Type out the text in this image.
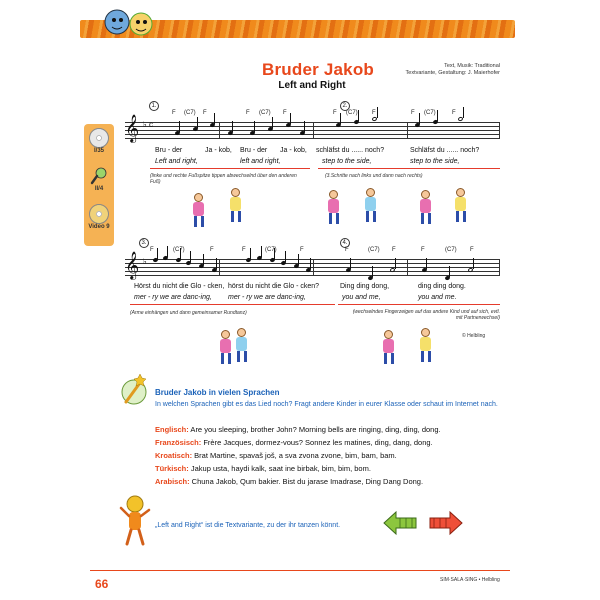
Bruder Jakob
Left and Right
Text, Musik: Traditional
Textvariante, Gestaltung: J. Maierhofer
I/35
II/4
Video 9
1.	2.
F (C7) F	F (C7) F	F (C7) F	F (C7)	F
𝄞 ♭ c
Bru - der	Ja - kob, Bru - der Ja - kob, schläfst du ...... noch?	Schläfst du ...... noch?
Left and right,	left and right,	step to the side,	step to the side,
(linke und rechte Fußspitze tippen abwechselnd über den anderen Fuß)
(3.Schritte nach links und dann nach rechts)
3.	4.
F	(C7)	F	F	(C7)	F	F	(C7) F	F	(C7) F
𝄞 ♭
Hörst du nicht die Glo - cken, hörst du nicht die Glo - cken?	Ding ding dong,	ding ding dong.
mer - ry we are danc-ing, mer - ry we are danc-ing,	you and me,	you and me.
(Arme einhängen und dann gemeinsamer Rundtanz)	(wechselndes Fingerzeigen auf das andere Kind und auf sich, evtl. mit Partnerwechsel)
© Helbling
Bruder Jakob in vielen Sprachen
In welchen Sprachen gibt es das Lied noch? Fragt andere Kinder in eurer Klasse oder schaut im Internet nach.
Englisch: Are you sleeping, brother John? Morning bells are ringing, ding, ding, dong.
Französisch: Frère Jacques, dormez-vous? Sonnez les matines, ding, dang, dong.
Kroatisch: Brat Martine, spavaš još, a sva zvona zvone, bim, bam, bam.
Türkisch: Jakup usta, haydi kalk, saat ine birbak, bim, bim, bom.
Arabisch: Chuna Jakob, Qum bakier. Bist du jarase Imadrase, Ding Dang Dong.
„Left and Right“ ist die Textvariante, zu der ihr tanzen könnt.
66	SIM·SALA·SING • Helbling
